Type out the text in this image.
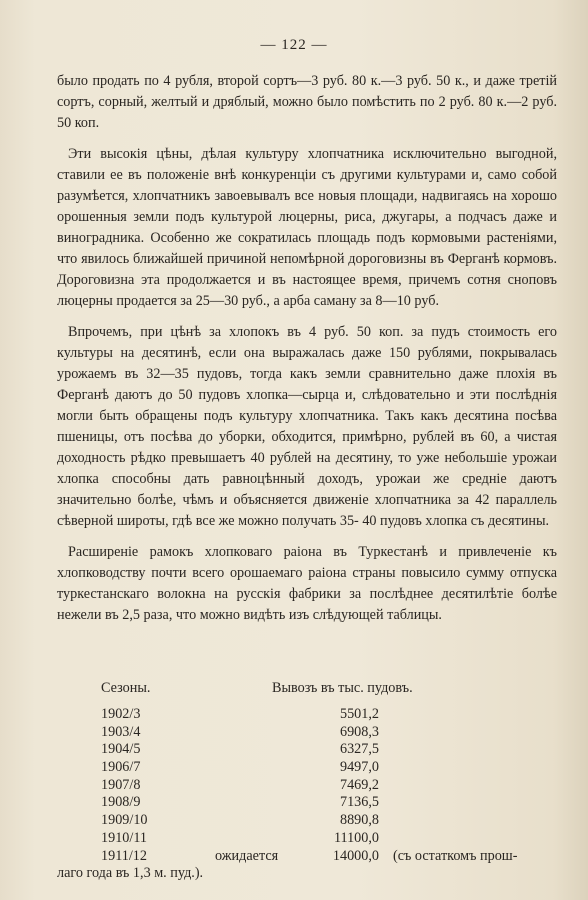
— 122 —

было продать по 4 рубля, второй сортъ—3 руб. 80 к.—3 руб. 50 к., и даже третій сортъ, сорный, желтый и дряблый, можно было помѣстить по 2 руб. 80 к.—2 руб. 50 коп.

Эти высокія цѣны, дѣлая культуру хлопчатника исключительно выгодной, ставили ее въ положеніе внѣ конкуренціи съ другими культурами и, само собой разумѣется, хлопчатникъ завоевывалъ все новыя площади, надвигаясь на хорошо орошенныя земли подъ культурой люцерны, риса, джугары, а подчасъ даже и виноградника. Особенно же сократилась площадь подъ кормовыми растеніями, что явилось ближайшей причиной непомѣрной дороговизны въ Ферганѣ кормовъ. Дороговизна эта продолжается и въ настоящее время, причемъ сотня сноповъ люцерны продается за 25—30 руб., а арба саману за 8—10 руб.

Впрочемъ, при цѣнѣ за хлопокъ въ 4 руб. 50 коп. за пудъ стоимость его культуры на десятинѣ, если она выражалась даже 150 рублями, покрывалась урожаемъ въ 32—35 пудовъ, тогда какъ земли сравнительно даже плохія въ Ферганѣ даютъ до 50 пудовъ хлопка—сырца и, слѣдовательно и эти послѣднія могли быть обращены подъ культуру хлопчатника. Такъ какъ десятина посѣва пшеницы, отъ посѣва до уборки, обходится, примѣрно, рублей въ 60, а чистая доходность рѣдко превышаетъ 40 рублей на десятину, то уже небольшіе урожаи хлопка способны дать равноцѣнный доходъ, урожаи же средніе даютъ значительно болѣе, чѣмъ и объясняется движеніе хлопчатника за 42 параллель сѣверной широты, гдѣ все же можно получать 35- 40 пудовъ хлопка съ десятины.

Расширеніе рамокъ хлопковаго раіона въ Туркестанѣ и привлеченіе къ хлопководству почти всего орошаемаго раіона страны повысило сумму отпуска туркестанскаго волокна на русскія фабрики за послѣднее десятилѣтіе болѣе нежели въ 2,5 раза, что можно видѣть изъ слѣдующей таблицы.

Сезоны.	Вывозъ въ тыс. пудовъ.
1902/3	5501,2
1903/4	6908,3
1904/5	6327,5
1906/7	9497,0
1907/8	7469,2
1908/9	7136,5
1909/10	8890,8
1910/11	11100,0
1911/12	ожидается	14000,0 (съ остаткомъ прош-
лаго года въ 1,3 м. пуд.).
